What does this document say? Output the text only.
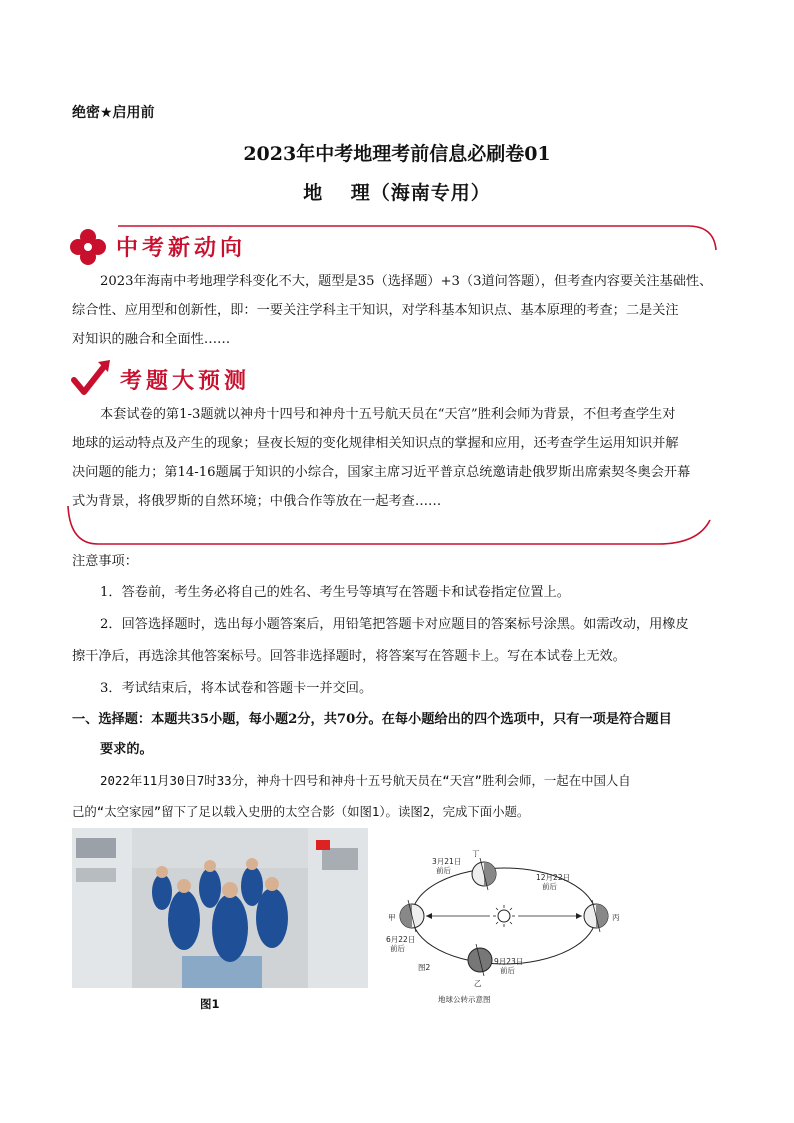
绝密★启用前
2023年中考地理考前信息必刷卷01
地　 理（海南专用）
中考新动向
2023年海南中考地理学科变化不大，题型是35（选择题）+3（3道问答题），但考查内容要关注基础性、
综合性、应用型和创新性，即：一要关注学科主干知识，对学科基本知识点、基本原理的考查；二是关注
对知识的融合和全面性……
考题大预测
本套试卷的第1-3题就以神舟十四号和神舟十五号航天员在“天宫”胜利会师为背景，不但考查学生对
地球的运动特点及产生的现象；昼夜长短的变化规律相关知识点的掌握和应用，还考查学生运用知识并解
决问题的能力；第14-16题属于知识的小综合，国家主席习近平普京总统邀请赴俄罗斯出席索契冬奥会开幕
式为背景，将俄罗斯的自然环境；中俄合作等放在一起考查……
注意事项：
1．答卷前，考生务必将自己的姓名、考生号等填写在答题卡和试卷指定位置上。
2．回答选择题时，选出每小题答案后，用铅笔把答题卡对应题目的答案标号涂黑。如需改动，用橡皮
擦干净后，再选涂其他答案标号。回答非选择题时，将答案写在答题卡上。写在本试卷上无效。
3．考试结束后，将本试卷和答题卡一并交回。
一、选择题：本题共35小题，每小题2分，共70分。在每小题给出的四个选项中，只有一项是符合题目
要求的。
2022年11月30日7时33分，神舟十四号和神舟十五号航天员在“天宫”胜利会师，一起在中国人自
己的“太空家园”留下了足以载入史册的太空合影（如图1）。读图2，完成下面小题。
图1
丁
甲	丙
乙
3月21日
前后
12月22日
前后
6月22日
前后
9月23日
前后
图2
地球公转示意图
